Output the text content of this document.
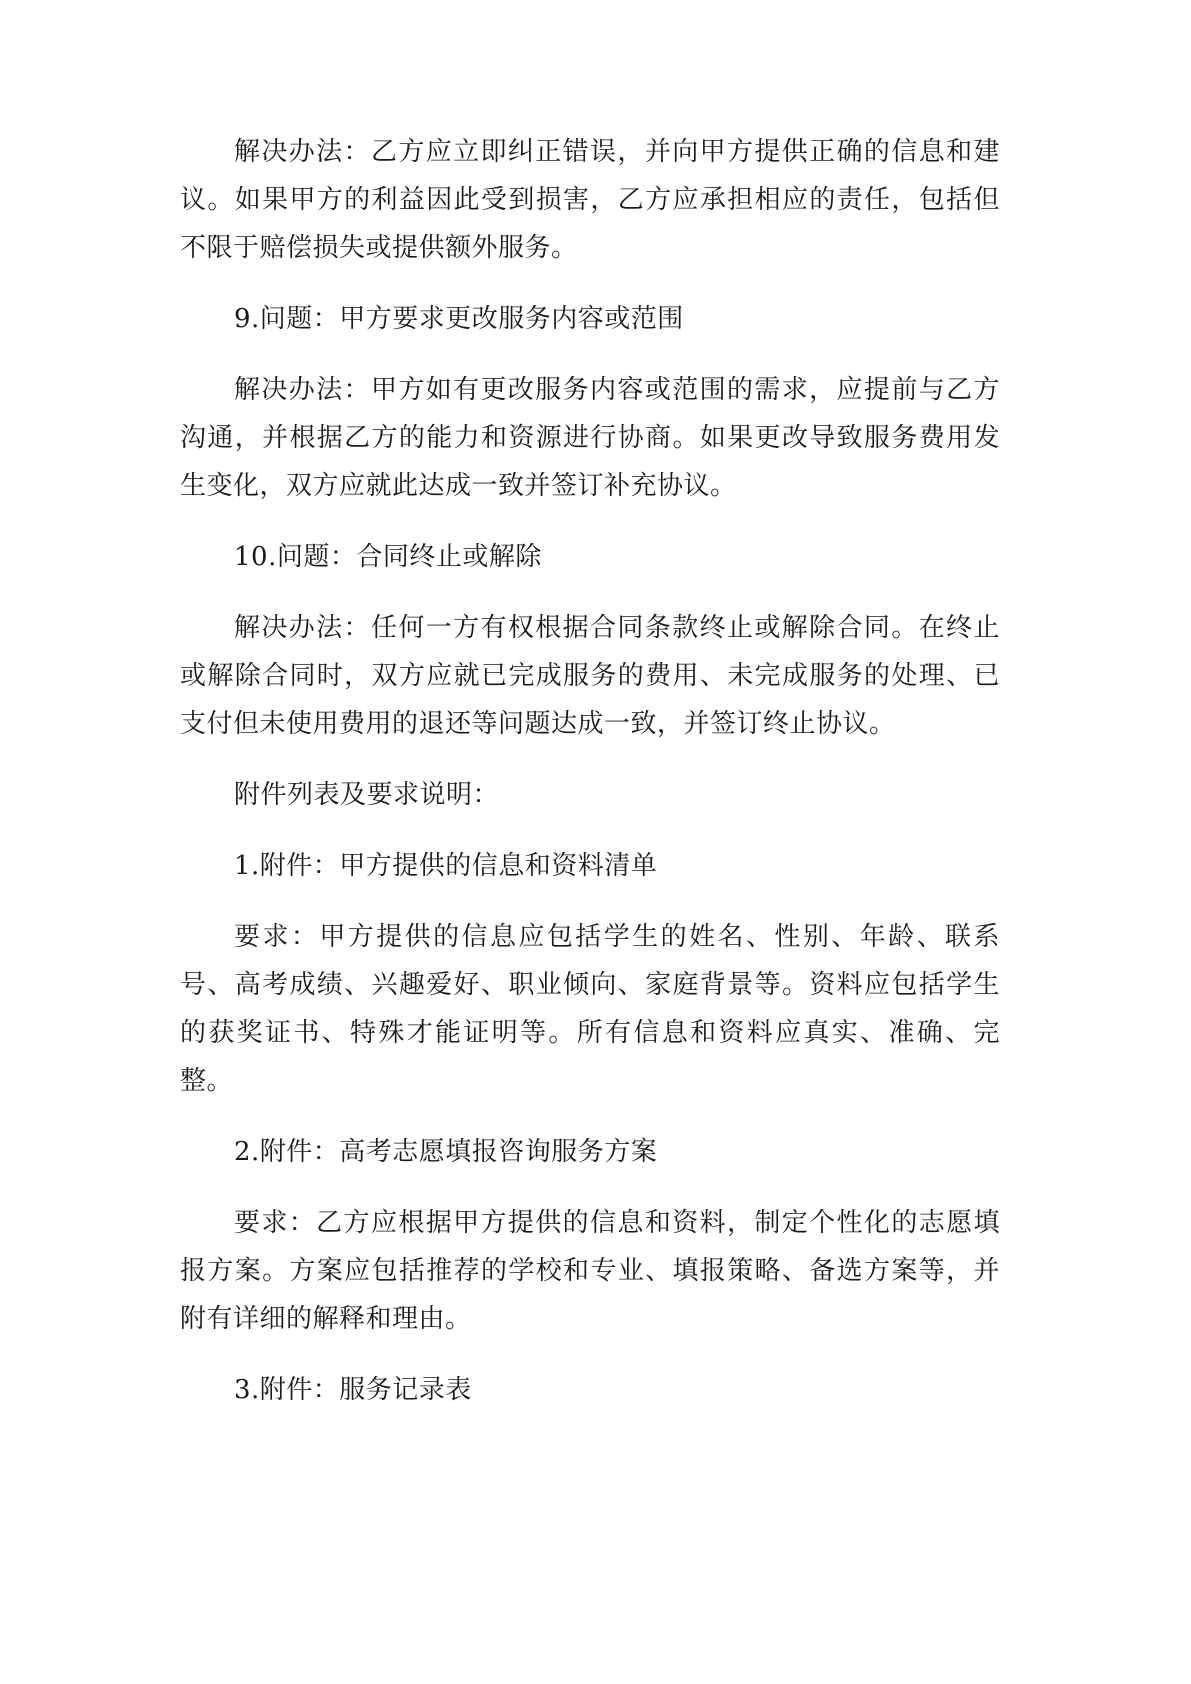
解决办法：乙方应立即纠正错误，并向甲方提供正确的信息和建议。如果甲方的利益因此受到损害，乙方应承担相应的责任，包括但不限于赔偿损失或提供额外服务。

9.问题：甲方要求更改服务内容或范围

解决办法：甲方如有更改服务内容或范围的需求，应提前与乙方沟通，并根据乙方的能力和资源进行协商。如果更改导致服务费用发生变化，双方应就此达成一致并签订补充协议。

10.问题：合同终止或解除

解决办法：任何一方有权根据合同条款终止或解除合同。在终止或解除合同时，双方应就已完成服务的费用、未完成服务的处理、已支付但未使用费用的退还等问题达成一致，并签订终止协议。

附件列表及要求说明：

1.附件：甲方提供的信息和资料清单

要求：甲方提供的信息应包括学生的姓名、性别、年龄、联系号、高考成绩、兴趣爱好、职业倾向、家庭背景等。资料应包括学生的获奖证书、特殊才能证明等。所有信息和资料应真实、准确、完整。

2.附件：高考志愿填报咨询服务方案

要求：乙方应根据甲方提供的信息和资料，制定个性化的志愿填报方案。方案应包括推荐的学校和专业、填报策略、备选方案等，并附有详细的解释和理由。

3.附件：服务记录表
